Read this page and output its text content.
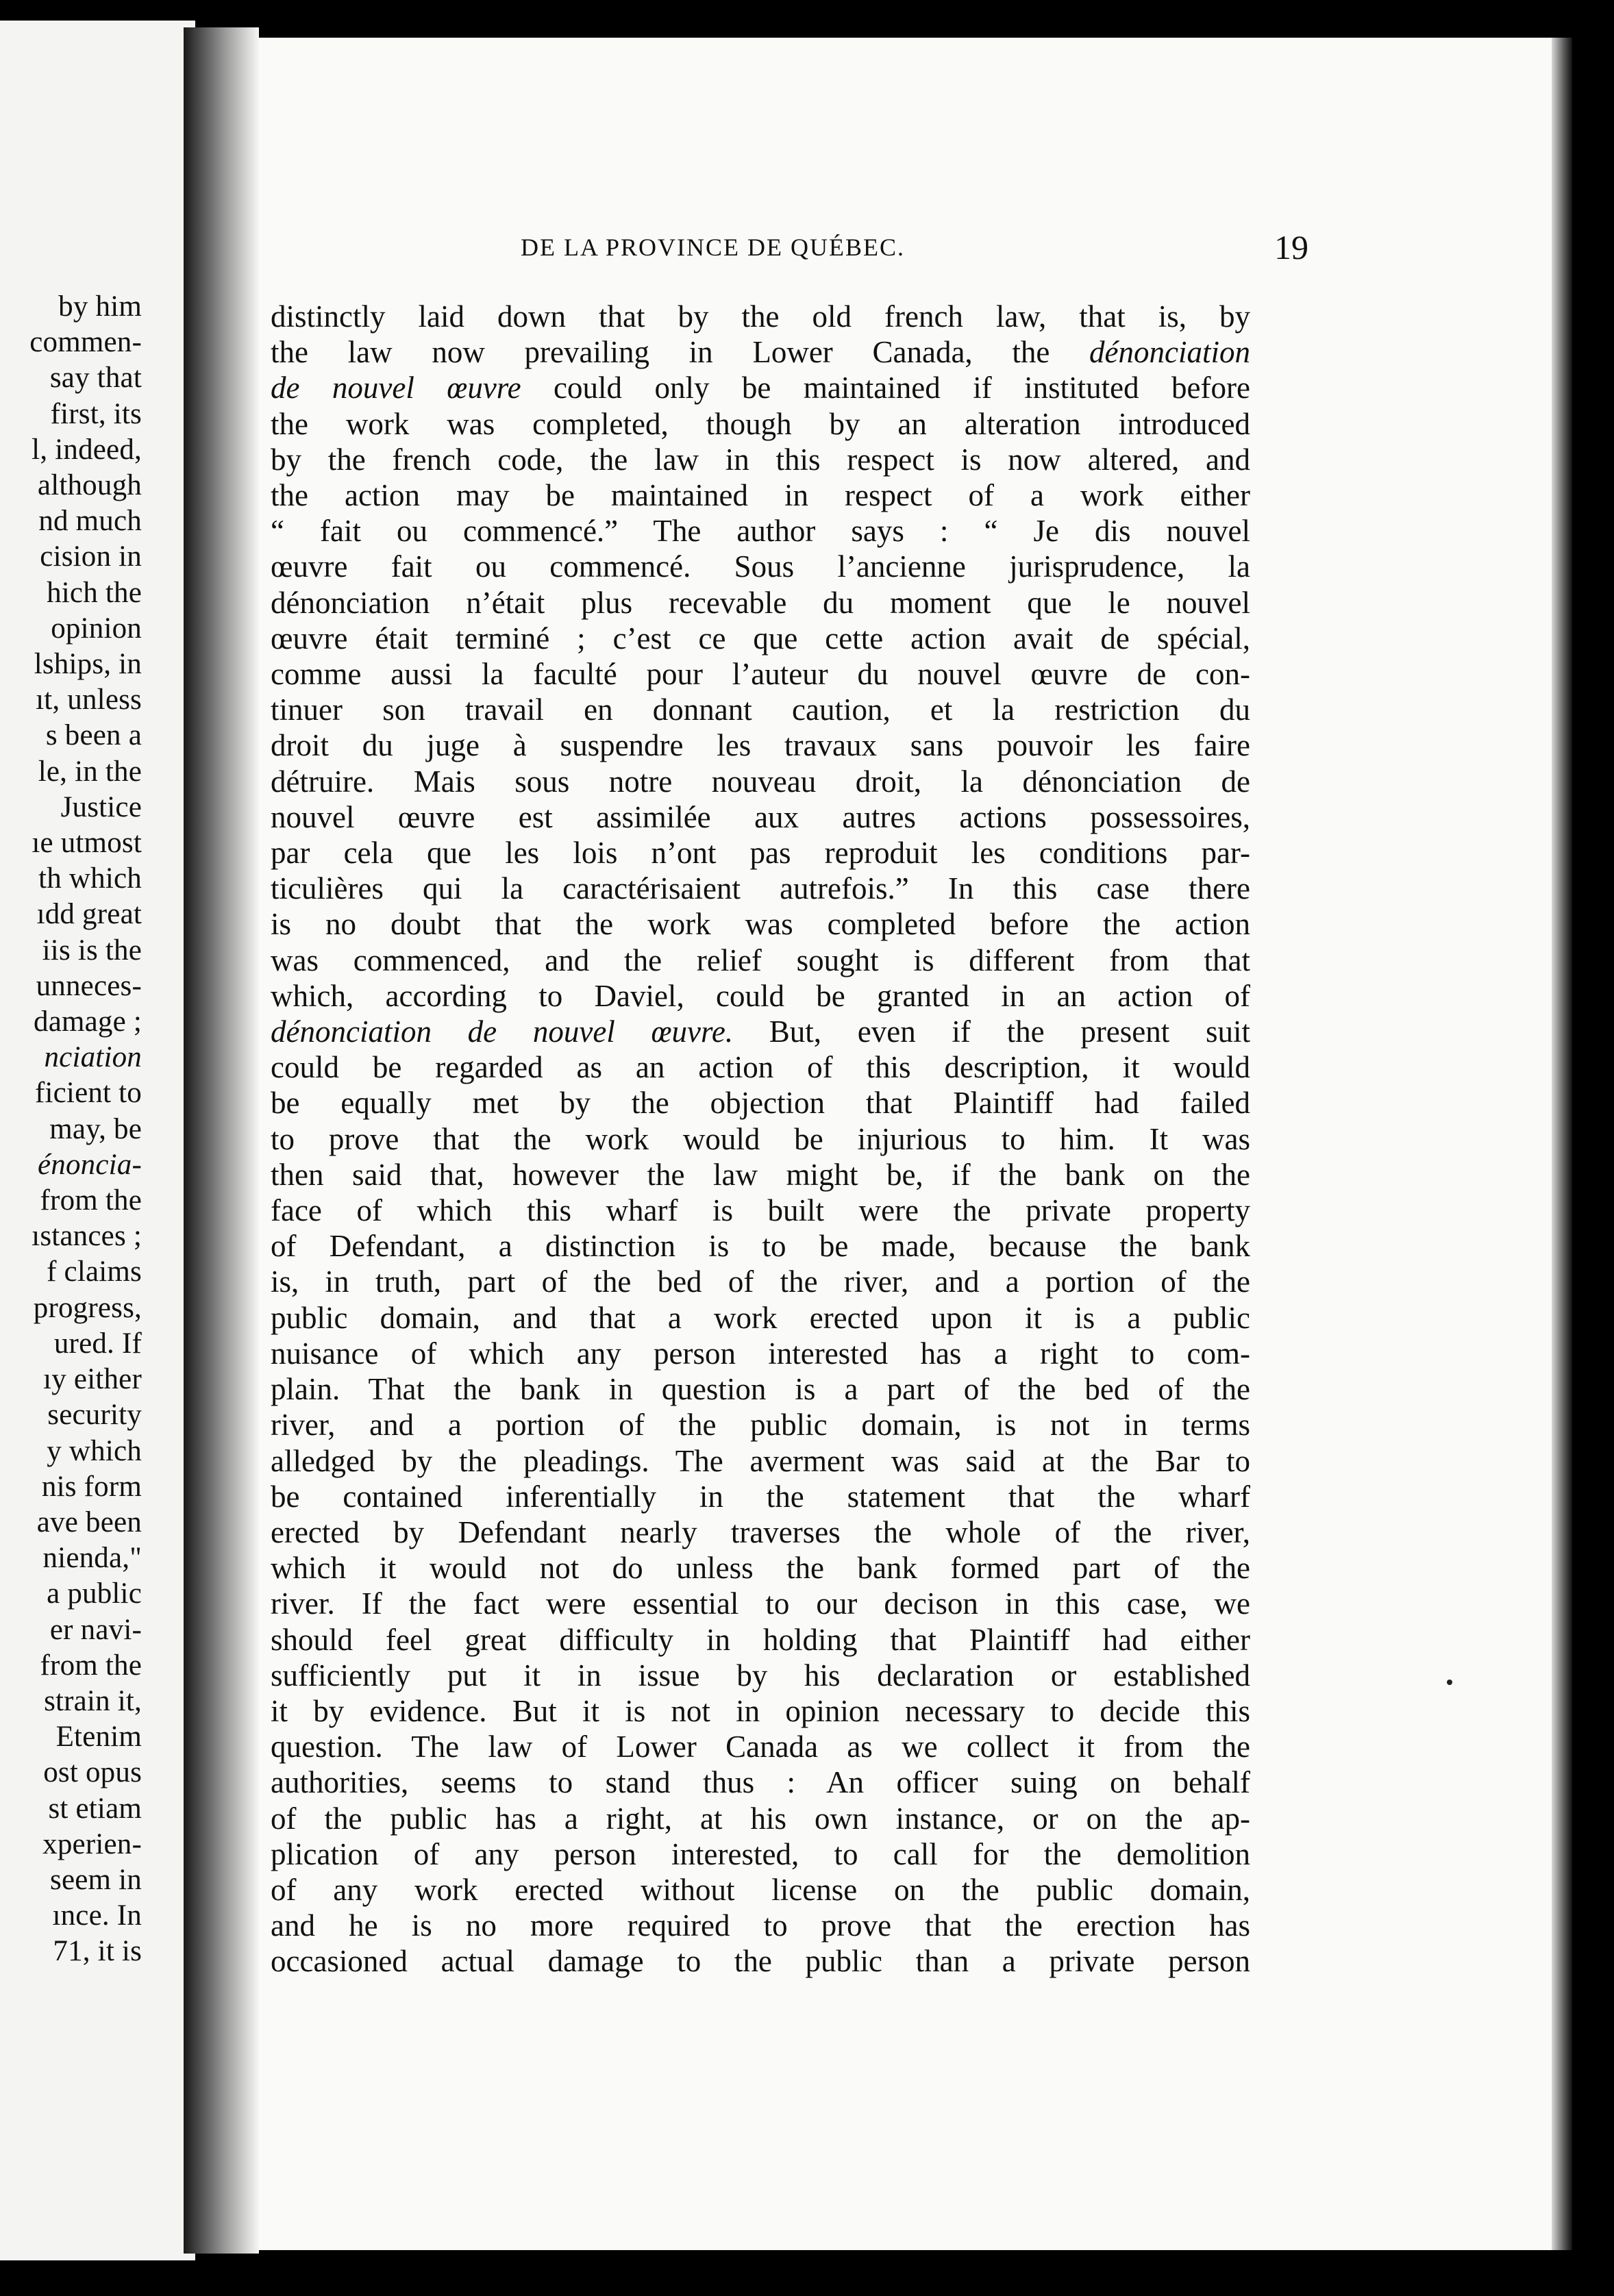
by him
commen-
say that
first, its
l, indeed,
although
nd much
cision in
hich the
opinion
lships, in
ıt, unless
s been a
le, in the
Justice
ıe utmost
th which
ıdd great
iis is the
unneces-
damage ;
nciation
ficient to
may, be
énoncia-
from the
ıstances ;
f claims
progress,
ured. If
ıy either
security
y which
nis form
ave been
nienda,"
a public
er navi-
from the
strain it,
Etenim
ost opus
st etiam
xperien-
seem in
ınce. In
71, it is
DE LA PROVINCE DE QUÉBEC.	19
distinctly laid down that by the old french law, that is, by
the law now prevailing in Lower Canada, the dénonciation
de nouvel œuvre could only be maintained if instituted before
the work was completed, though by an alteration introduced
by the french code, the law in this respect is now altered, and
the action may be maintained in respect of a work either
“ fait ou commencé.” The author says : “ Je dis nouvel
œuvre fait ou commencé. Sous l’ancienne jurisprudence, la
dénonciation n’était plus recevable du moment que le nouvel
œuvre était terminé ; c’est ce que cette action avait de spécial,
comme aussi la faculté pour l’auteur du nouvel œuvre de con-
tinuer son travail en donnant caution, et la restriction du
droit du juge à suspendre les travaux sans pouvoir les faire
détruire. Mais sous notre nouveau droit, la dénonciation de
nouvel œuvre est assimilée aux autres actions possessoires,
par cela que les lois n’ont pas reproduit les conditions par-
ticulières qui la caractérisaient autrefois.” In this case there
is no doubt that the work was completed before the action
was commenced, and the relief sought is different from that
which, according to Daviel, could be granted in an action of
dénonciation de nouvel œuvre. But, even if the present suit
could be regarded as an action of this description, it would
be equally met by the objection that Plaintiff had failed
to prove that the work would be injurious to him. It was
then said that, however the law might be, if the bank on the
face of which this wharf is built were the private property
of Defendant, a distinction is to be made, because the bank
is, in truth, part of the bed of the river, and a portion of the
public domain, and that a work erected upon it is a public
nuisance of which any person interested has a right to com-
plain. That the bank in question is a part of the bed of the
river, and a portion of the public domain, is not in terms
alledged by the pleadings. The averment was said at the Bar to
be contained inferentially in the statement that the wharf
erected by Defendant nearly traverses the whole of the river,
which it would not do unless the bank formed part of the
river. If the fact were essential to our decison in this case, we
should feel great difficulty in holding that Plaintiff had either
sufficiently put it in issue by his declaration or established
it by evidence. But it is not in opinion necessary to decide this
question. The law of Lower Canada as we collect it from the
authorities, seems to stand thus : An officer suing on behalf
of the public has a right, at his own instance, or on the ap-
plication of any person interested, to call for the demolition
of any work erected without license on the public domain,
and he is no more required to prove that the erection has
occasioned actual damage to the public than a private person
